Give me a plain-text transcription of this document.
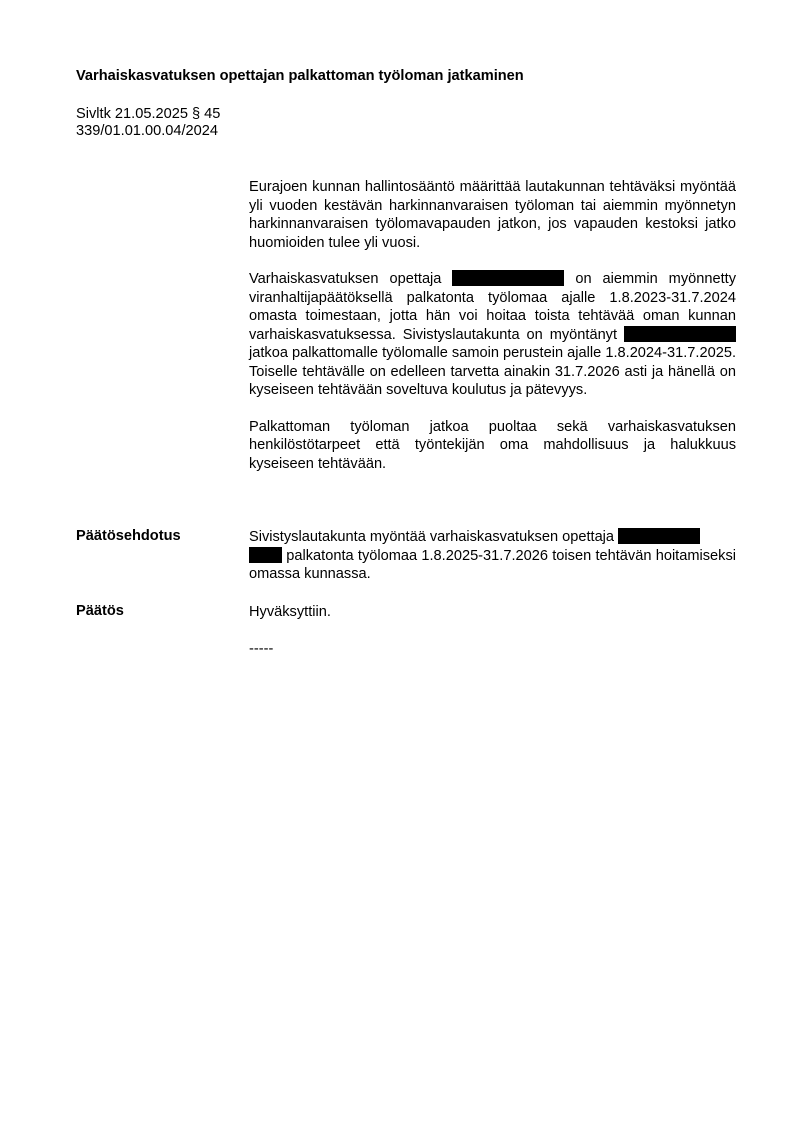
Varhaiskasvatuksen opettajan palkattoman työloman jatkaminen
Sivltk 21.05.2025 § 45
339/01.01.00.04/2024

Eurajoen kunnan hallintosääntö määrittää lautakunnan tehtäväksi myöntää yli vuoden kestävän harkinnanvaraisen työloman tai aiemmin myönnetyn harkinnanvaraisen työlomavapauden jatkon, jos vapauden kestoksi jatko huomioiden tulee yli vuosi.

Varhaiskasvatuksen opettaja	on aiemmin myönnetty viranhaltijapäätöksellä palkatonta työlomaa ajalle 1.8.2023-31.7.2024 omasta toimestaan, jotta hän voi hoitaa toista tehtävää oman kunnan varhaiskasvatuksessa. Sivistyslautakunta on myöntänyt  jatkoa palkattomalle työlomalle samoin perustein ajalle 1.8.2024-31.7.2025. Toiselle tehtävälle on edelleen tarvetta ainakin 31.7.2026 asti ja hänellä on kyseiseen tehtävään soveltuva koulutus ja pätevyys.

Palkattoman työloman jatkoa puoltaa sekä varhaiskasvatuksen henkilöstötarpeet että työntekijän oma mahdollisuus ja halukkuus kyseiseen tehtävään.

Päätösehdotus	Sivistyslautakunta myöntää varhaiskasvatuksen opettaja
palkatonta työlomaa 1.8.2025-31.7.2026 toisen tehtävän hoitamiseksi omassa kunnassa.

Päätös	Hyväksyttiin.

-----
